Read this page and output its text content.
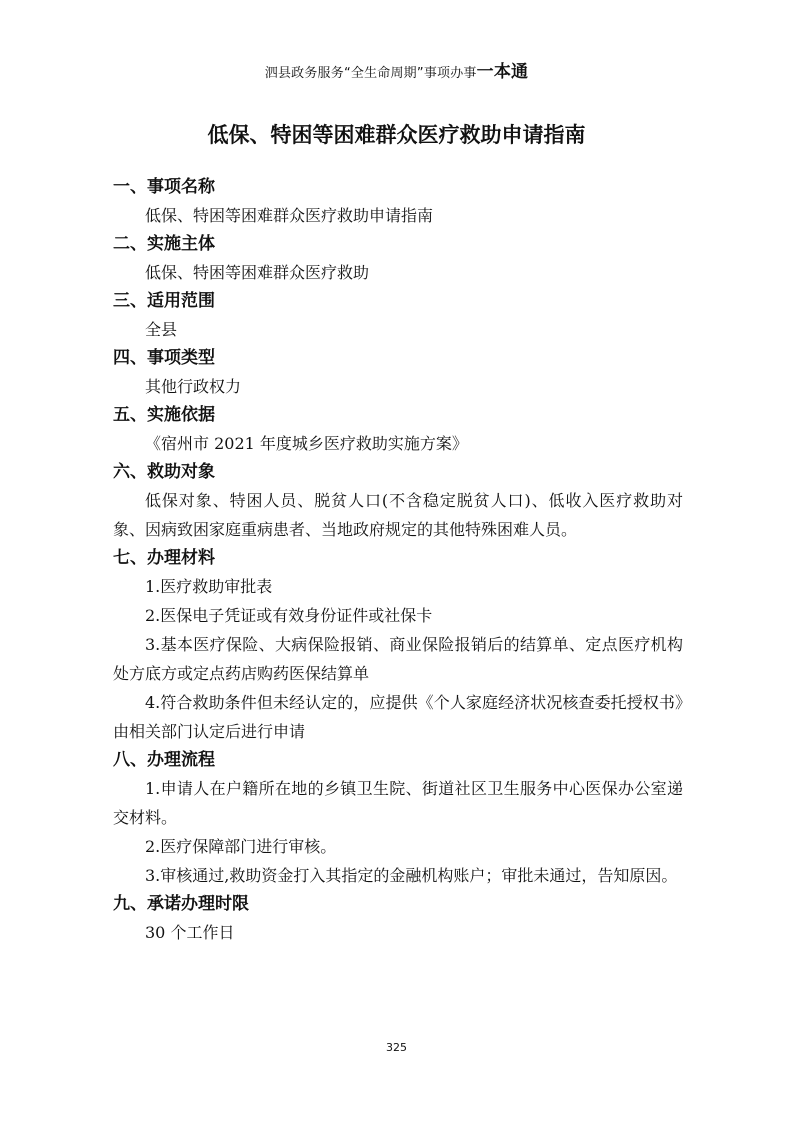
泗县政务服务“全生命周期”事项办事一本通
低保、特困等困难群众医疗救助申请指南
一、事项名称

低保、特困等困难群众医疗救助申请指南

二、实施主体

低保、特困等困难群众医疗救助

三、适用范围

全县

四、事项类型

其他行政权力

五、实施依据

《宿州市 2021 年度城乡医疗救助实施方案》

六、救助对象

低保对象、特困人员、脱贫人口(不含稳定脱贫人口)、低收入医疗救助对象、因病致困家庭重病患者、当地政府规定的其他特殊困难人员。

七、办理材料

1.医疗救助审批表

2.医保电子凭证或有效身份证件或社保卡

3.基本医疗保险、大病保险报销、商业保险报销后的结算单、定点医疗机构处方底方或定点药店购药医保结算单

4.符合救助条件但未经认定的，应提供《个人家庭经济状况核查委托授权书》由相关部门认定后进行申请

八、办理流程

1.申请人在户籍所在地的乡镇卫生院、街道社区卫生服务中心医保办公室递交材料。

2.医疗保障部门进行审核。

3.审核通过,救助资金打入其指定的金融机构账户；审批未通过，告知原因。

九、承诺办理时限

30 个工作日

325
